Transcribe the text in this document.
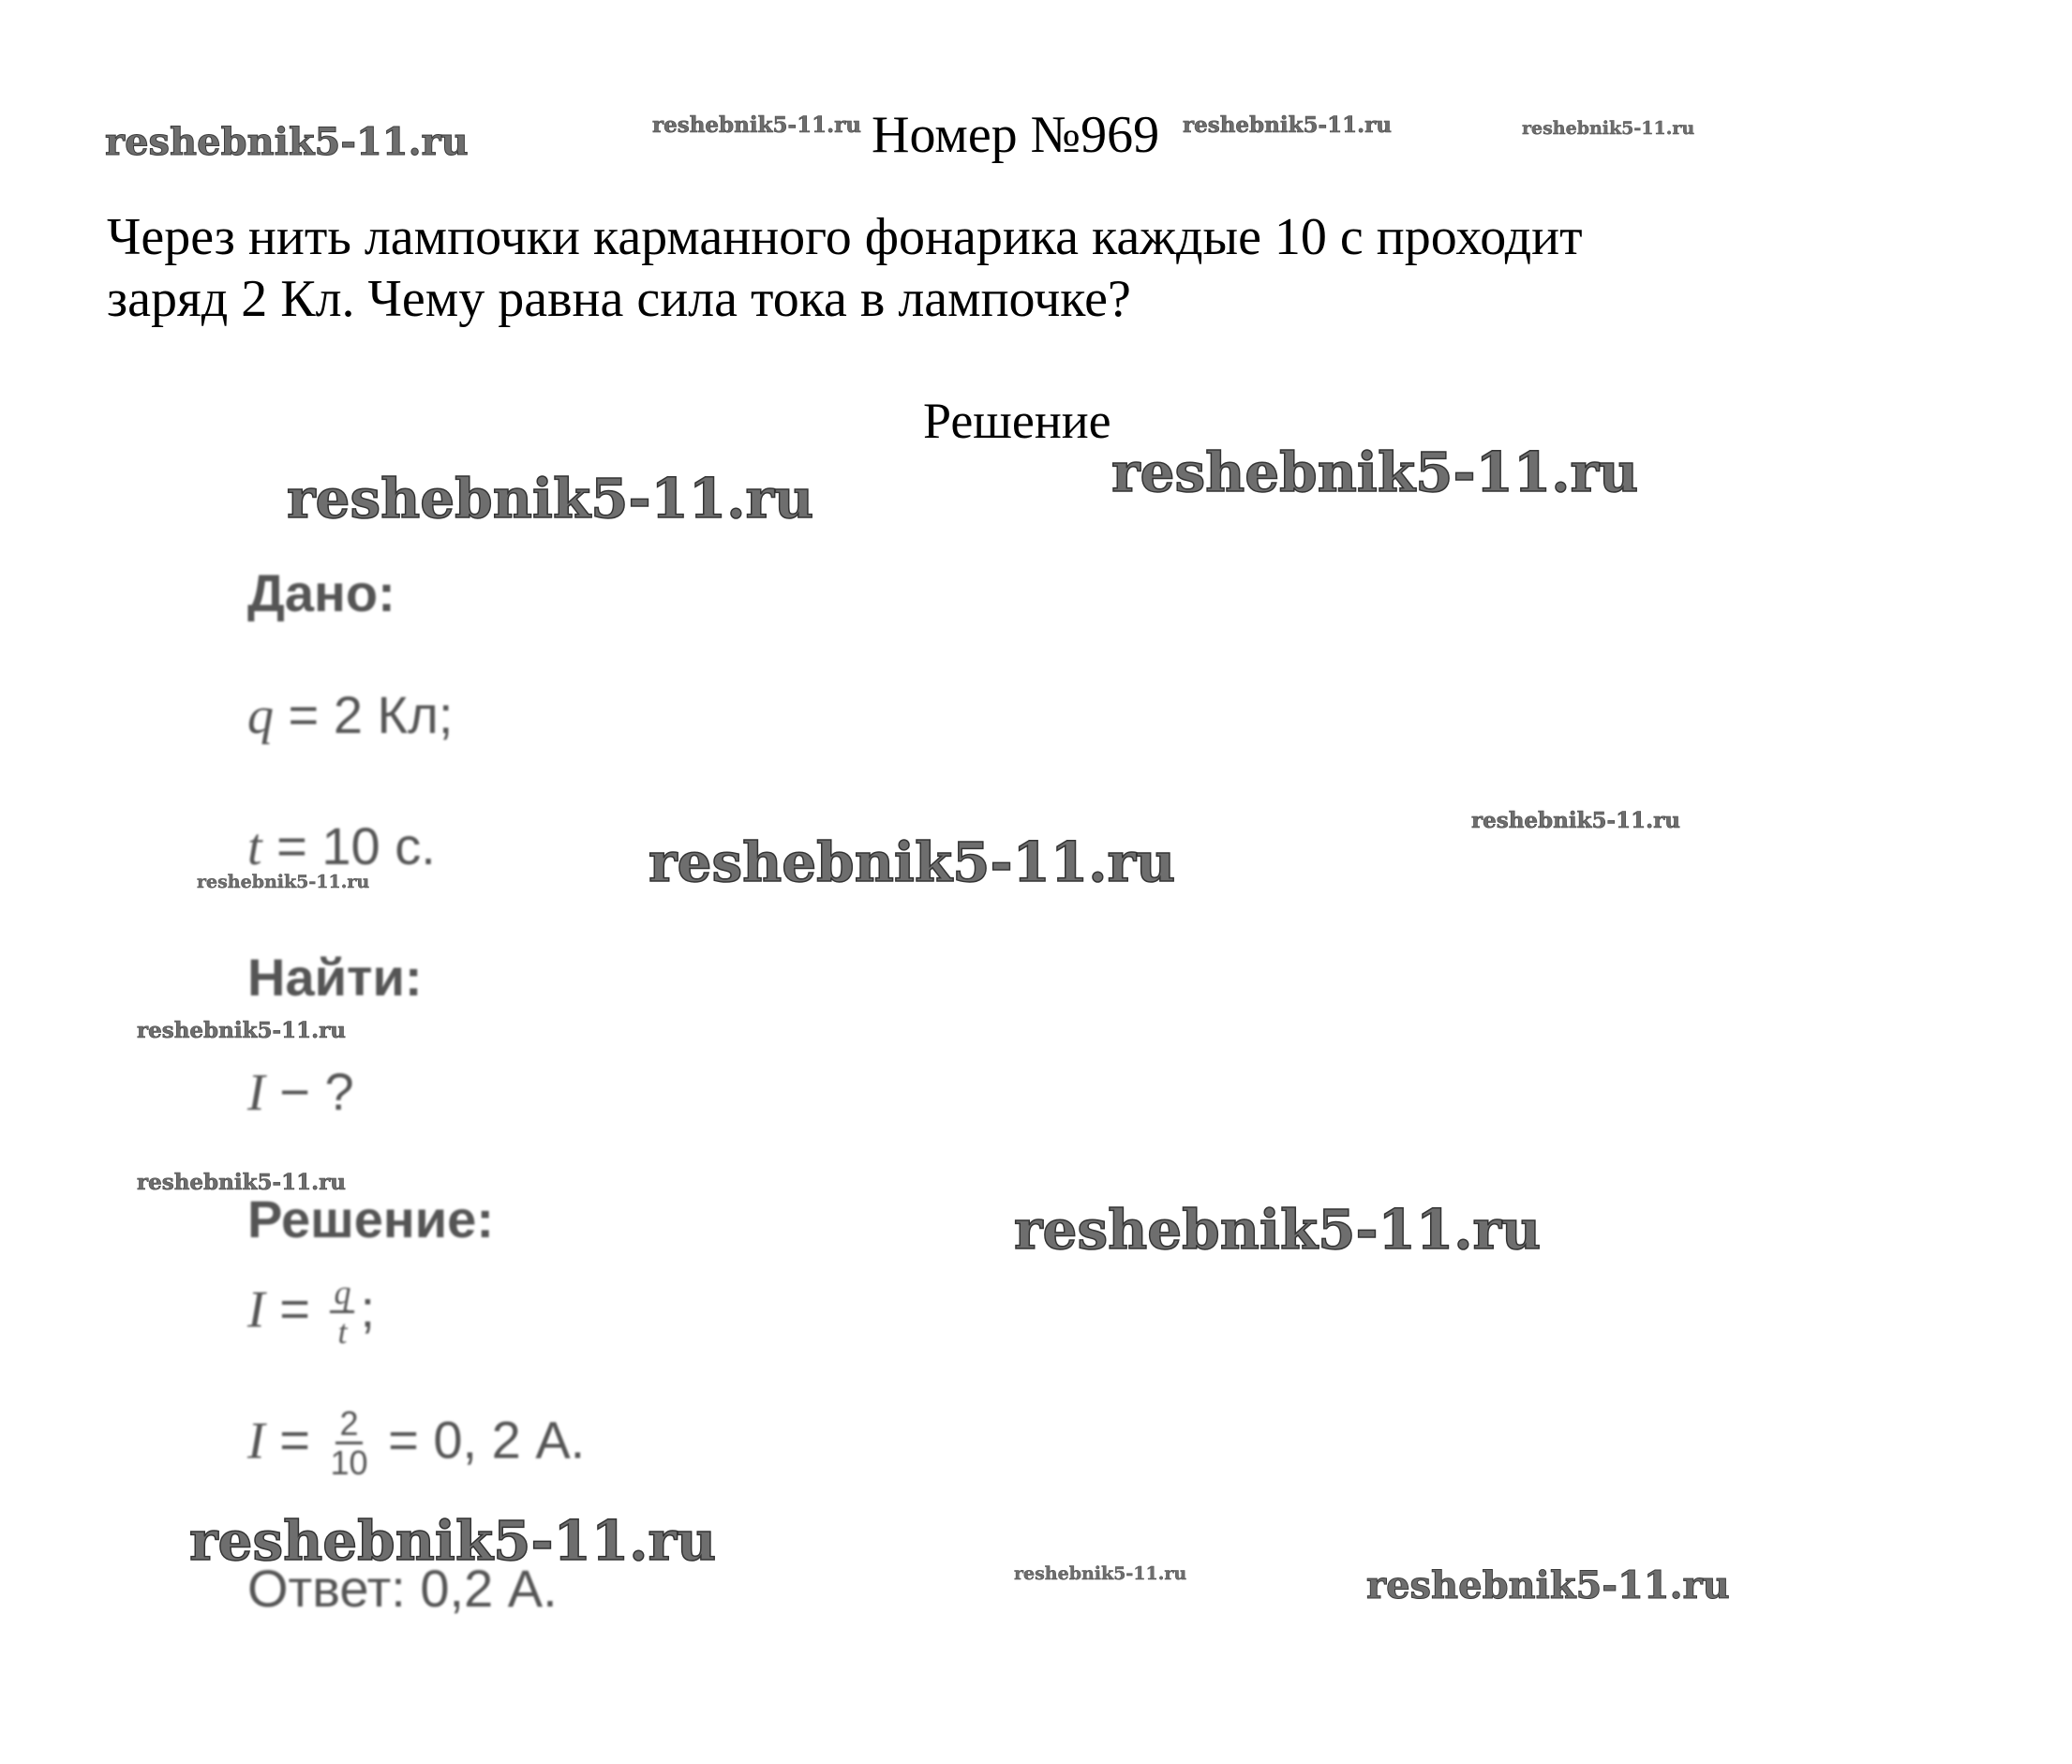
reshebnik5-11.ru	reshebnik5-11.ru	reshebnik5-11.ru	reshebnik5-11.ru
reshebnik5-11.ru
reshebnik5-11.ru
reshebnik5-11.ru
reshebnik5-11.ru
reshebnik5-11.ru
reshebnik5-11.ru
reshebnik5-11.ru
reshebnik5-11.ru
reshebnik5-11.ru
reshebnik5-11.ru	reshebnik5-11.ru
Номер №969

Через нить лампочки карманного фонарика каждые 10 с проходит

заряд 2 Кл. Чему равна сила тока в лампочке?

Решение
Дано:
q = 2 Кл;
t = 10 с.
Найти:
I − ?
Решение:
$I = \frac{q}{t}$ ;
$I = \frac{2}{10} = 0$, 2 А.
Ответ: 0,2 А.
